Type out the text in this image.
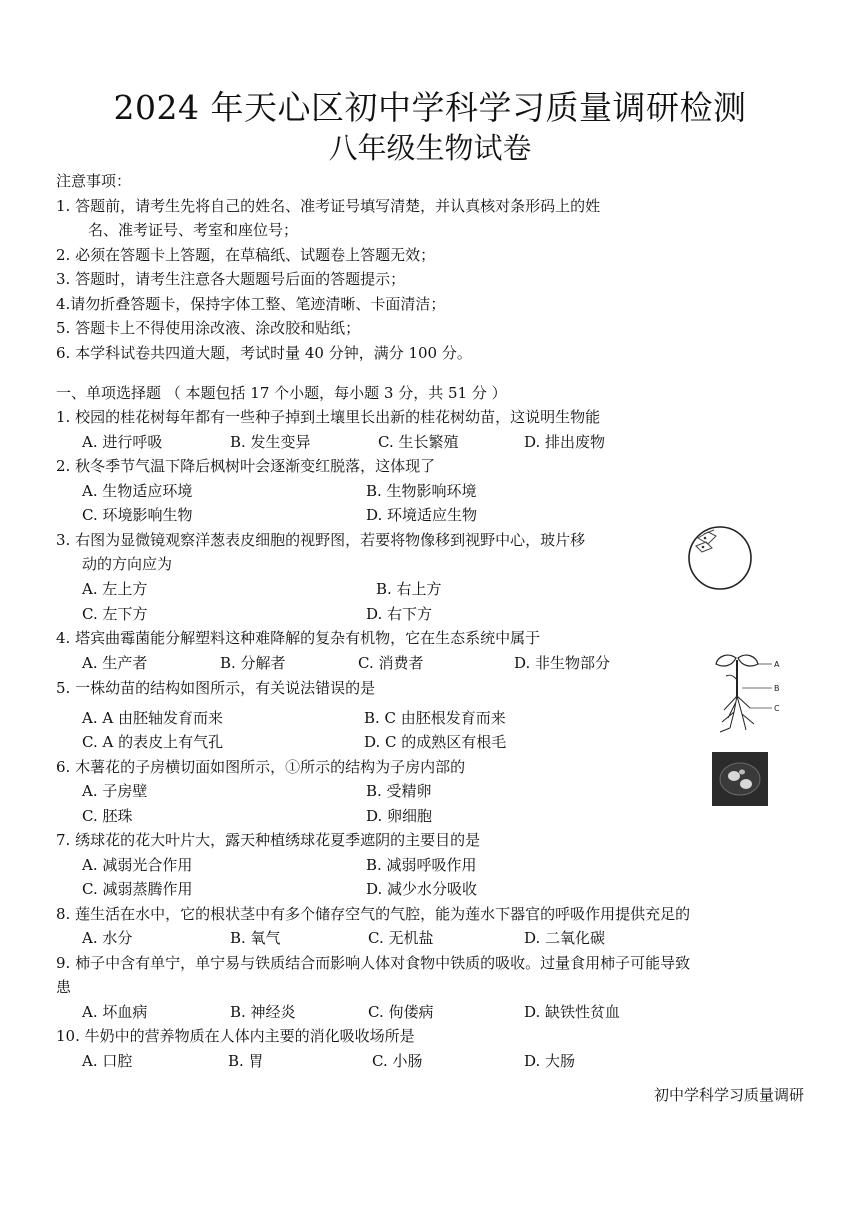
2024 年天心区初中学科学习质量调研检测
八年级生物试卷
注意事项：
1. 答题前，请考生先将自己的姓名、准考证号填写清楚，并认真核对条形码上的姓
名、准考证号、考室和座位号；
2. 必须在答题卡上答题，在草稿纸、试题卷上答题无效；
3. 答题时，请考生注意各大题题号后面的答题提示；
4.请勿折叠答题卡，保持字体工整、笔迹清晰、卡面清洁；
5. 答题卡上不得使用涂改液、涂改胶和贴纸；
6. 本学科试卷共四道大题，考试时量 40 分钟，满分 100 分。
一、单项选择题 （ 本题包括 17 个小题，每小题 3 分，共 51 分 ）
1. 校园的桂花树每年都有一些种子掉到土壤里长出新的桂花树幼苗，这说明生物能
A. 进行呼吸	B. 发生变异	C. 生长繁殖	D. 排出废物
2. 秋冬季节气温下降后枫树叶会逐渐变红脱落，这体现了
A. 生物适应环境	B. 生物影响环境
C. 环境影响生物	D. 环境适应生物
3. 右图为显微镜观察洋葱表皮细胞的视野图，若要将物像移到视野中心，玻片移
动的方向应为
A. 左上方	B. 右上方
C. 左下方	D. 右下方
4. 塔宾曲霉菌能分解塑料这种难降解的复杂有机物，它在生态系统中属于
A. 生产者	B. 分解者	C. 消费者	D. 非生物部分	A
B
C
5. 一株幼苗的结构如图所示，有关说法错误的是
A. A 由胚轴发育而来	B. C 由胚根发育而来
C. A 的表皮上有气孔	D. C 的成熟区有根毛
6. 木薯花的子房横切面如图所示，①所示的结构为子房内部的
A. 子房壁	B. 受精卵
C. 胚珠	D. 卵细胞
7. 绣球花的花大叶片大，露天种植绣球花夏季遮阴的主要目的是
A. 减弱光合作用	B. 减弱呼吸作用
C. 减弱蒸腾作用	D. 减少水分吸收
8. 莲生活在水中，它的根状茎中有多个储存空气的气腔，能为莲水下器官的呼吸作用提供充足的
A. 水分	B. 氧气	C. 无机盐	D. 二氧化碳
9. 柿子中含有单宁，单宁易与铁质结合而影响人体对食物中铁质的吸收。过量食用柿子可能导致
患
A. 坏血病	B. 神经炎	C. 佝偻病	D. 缺铁性贫血
10. 牛奶中的营养物质在人体内主要的消化吸收场所是
A. 口腔	B. 胃	C. 小肠	D. 大肠
初中学科学习质量调研
